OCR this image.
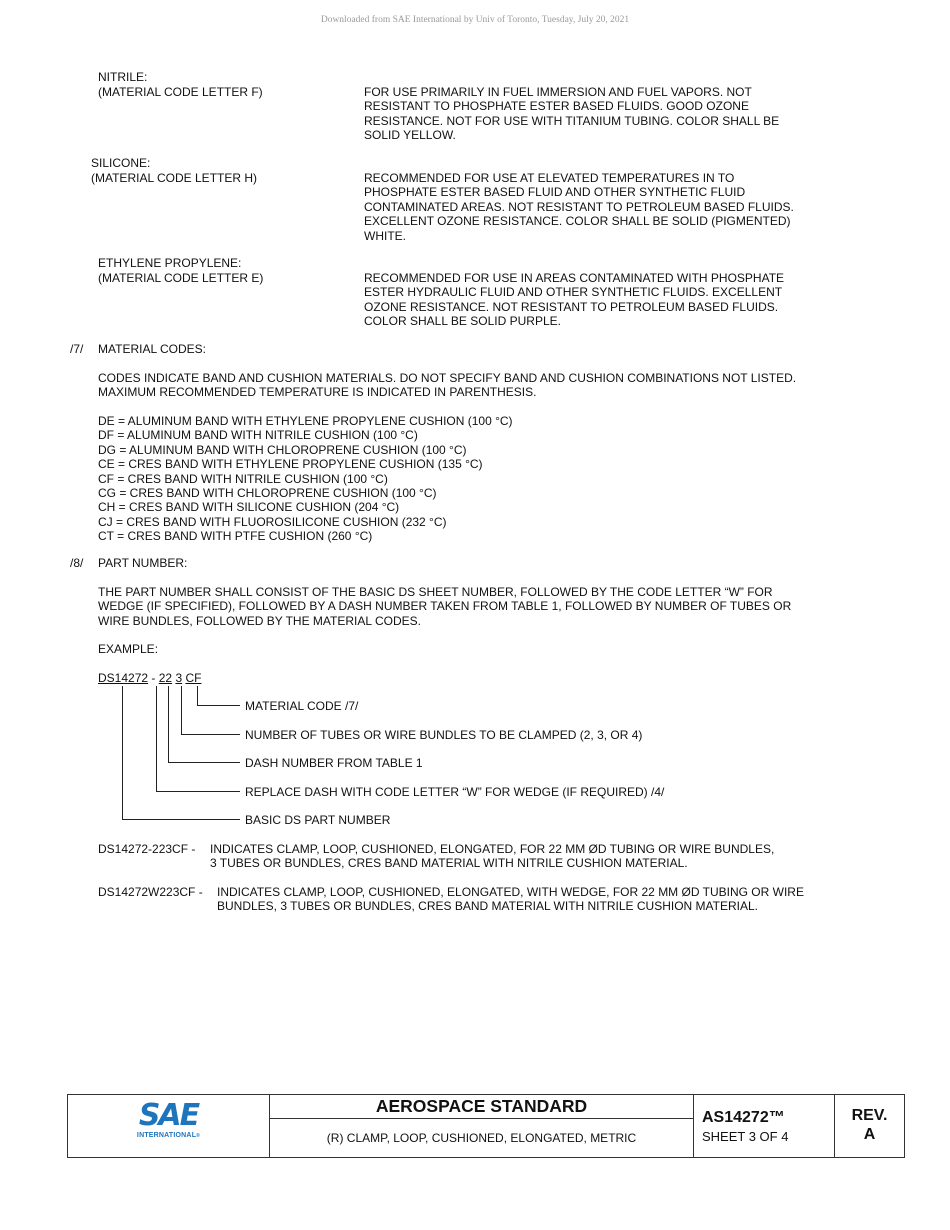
Downloaded from SAE International by Univ of Toronto, Tuesday, July 20, 2021
NITRILE:
(MATERIAL CODE LETTER F)	FOR USE PRIMARILY IN FUEL IMMERSION AND FUEL VAPORS. NOT
RESISTANT TO PHOSPHATE ESTER BASED FLUIDS. GOOD OZONE
RESISTANCE. NOT FOR USE WITH TITANIUM TUBING. COLOR SHALL BE
SOLID YELLOW.
SILICONE:
(MATERIAL CODE LETTER H)	RECOMMENDED FOR USE AT ELEVATED TEMPERATURES IN TO
PHOSPHATE ESTER BASED FLUID AND OTHER SYNTHETIC FLUID
CONTAMINATED AREAS. NOT RESISTANT TO PETROLEUM BASED FLUIDS.
EXCELLENT OZONE RESISTANCE. COLOR SHALL BE SOLID (PIGMENTED)
WHITE.
ETHYLENE PROPYLENE:
(MATERIAL CODE LETTER E)	RECOMMENDED FOR USE IN AREAS CONTAMINATED WITH PHOSPHATE
ESTER HYDRAULIC FLUID AND OTHER SYNTHETIC FLUIDS. EXCELLENT
OZONE RESISTANCE. NOT RESISTANT TO PETROLEUM BASED FLUIDS.
COLOR SHALL BE SOLID PURPLE.
/7/ MATERIAL CODES:
CODES INDICATE BAND AND CUSHION MATERIALS. DO NOT SPECIFY BAND AND CUSHION COMBINATIONS NOT LISTED.
MAXIMUM RECOMMENDED TEMPERATURE IS INDICATED IN PARENTHESIS.
DE = ALUMINUM BAND WITH ETHYLENE PROPYLENE CUSHION (100 °C)
DF = ALUMINUM BAND WITH NITRILE CUSHION (100 °C)
DG = ALUMINUM BAND WITH CHLOROPRENE CUSHION (100 °C)
CE = CRES BAND WITH ETHYLENE PROPYLENE CUSHION (135 °C)
CF = CRES BAND WITH NITRILE CUSHION (100 °C)
CG = CRES BAND WITH CHLOROPRENE CUSHION (100 °C)
CH = CRES BAND WITH SILICONE CUSHION (204 °C)
CJ = CRES BAND WITH FLUOROSILICONE CUSHION (232 °C)
CT = CRES BAND WITH PTFE CUSHION (260 °C)
/8/ PART NUMBER:
THE PART NUMBER SHALL CONSIST OF THE BASIC DS SHEET NUMBER, FOLLOWED BY THE CODE LETTER “W” FOR
WEDGE (IF SPECIFIED), FOLLOWED BY A DASH NUMBER TAKEN FROM TABLE 1, FOLLOWED BY NUMBER OF TUBES OR
WIRE BUNDLES, FOLLOWED BY THE MATERIAL CODES.
EXAMPLE:
DS14272 - 22 3 CF
MATERIAL CODE /7/
NUMBER OF TUBES OR WIRE BUNDLES TO BE CLAMPED (2, 3, OR 4)
DASH NUMBER FROM TABLE 1
REPLACE DASH WITH CODE LETTER “W” FOR WEDGE (IF REQUIRED) /4/
BASIC DS PART NUMBER
DS14272-223CF - INDICATES CLAMP, LOOP, CUSHIONED, ELONGATED, FOR 22 MM ØD TUBING OR WIRE BUNDLES,
3 TUBES OR BUNDLES, CRES BAND MATERIAL WITH NITRILE CUSHION MATERIAL.
DS14272W223CF - INDICATES CLAMP, LOOP, CUSHIONED, ELONGATED, WITH WEDGE, FOR 22 MM ØD TUBING OR WIRE
BUNDLES, 3 TUBES OR BUNDLES, CRES BAND MATERIAL WITH NITRILE CUSHION MATERIAL.
SAE
INTERNATIONAL®
AEROSPACE STANDARD
(R) CLAMP, LOOP, CUSHIONED, ELONGATED, METRIC
AS14272™
SHEET 3 OF 4
REV.
A
